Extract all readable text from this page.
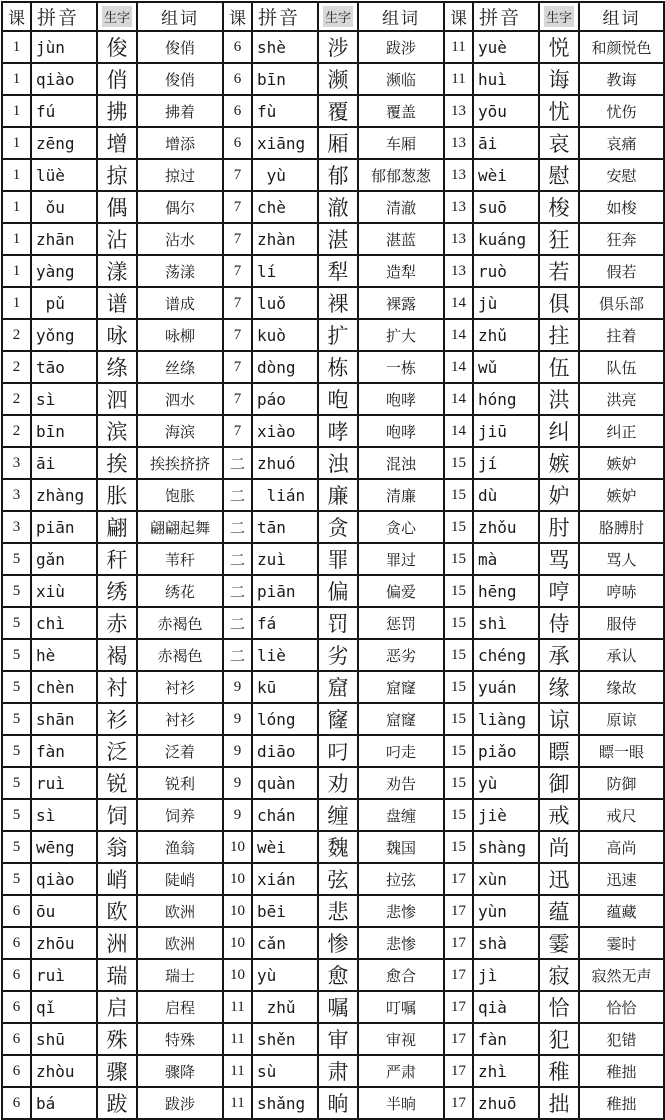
课	拼音	生字	组词	课	拼音	生字	组词	课	拼音	生字	组词
1	jùn	俊	俊俏	6	shè	涉	跋涉	11	yuè	悦	和颜悦色
1	qiào	俏	俊俏	6	bīn	濒	濒临	11	huì	诲	教诲
1	fú	拂	拂着	6	fù	覆	覆盖	13	yōu	忧	忧伤
1	zēng	增	增添	6	xiāng	厢	车厢	13	āi	哀	哀痛
1	lüè	掠	掠过	7	yù	郁	郁郁葱葱	13	wèi	慰	安慰
1	ǒu	偶	偶尔	7	chè	澈	清澈	13	suō	梭	如梭
1	zhān	沾	沾水	7	zhàn	湛	湛蓝	13	kuáng	狂	狂奔
1	yàng	漾	荡漾	7	lí	犁	造犁	13	ruò	若	假若
1	pǔ	谱	谱成	7	luǒ	裸	裸露	14	jù	俱	俱乐部
2	yǒng	咏	咏柳	7	kuò	扩	扩大	14	zhǔ	拄	拄着
2	tāo	绦	丝绦	7	dòng	栋	一栋	14	wǔ	伍	队伍
2	sì	泗	泗水	7	páo	咆	咆哮	14	hóng	洪	洪亮
2	bīn	滨	海滨	7	xiào	哮	咆哮	14	jiū	纠	纠正
3	āi	挨	挨挨挤挤	二	zhuó	浊	混浊	15	jí	嫉	嫉妒
3	zhàng	胀	饱胀	二	lián	廉	清廉	15	dù	妒	嫉妒
3	piān	翩	翩翩起舞	二	tān	贪	贪心	15	zhǒu	肘	胳膊肘
5	gǎn	秆	苇秆	二	zuì	罪	罪过	15	mà	骂	骂人
5	xiù	绣	绣花	二	piān	偏	偏爱	15	hēng	哼	哼哧
5	chì	赤	赤褐色	二	fá	罚	惩罚	15	shì	侍	服侍
5	hè	褐	赤褐色	二	liè	劣	恶劣	15	chéng	承	承认
5	chèn	衬	衬衫	9	kū	窟	窟窿	15	yuán	缘	缘故
5	shān	衫	衬衫	9	lóng	窿	窟窿	15	liàng	谅	原谅
5	fàn	泛	泛着	9	diāo	叼	叼走	15	piǎo	瞟	瞟一眼
5	ruì	锐	锐利	9	quàn	劝	劝告	15	yù	御	防御
5	sì	饲	饲养	9	chán	缠	盘缠	15	jiè	戒	戒尺
5	wēng	翁	渔翁	10	wèi	魏	魏国	15	shàng	尚	高尚
5	qiào	峭	陡峭	10	xián	弦	拉弦	17	xùn	迅	迅速
6	ōu	欧	欧洲	10	bēi	悲	悲惨	17	yùn	蕴	蕴藏
6	zhōu	洲	欧洲	10	cǎn	惨	悲惨	17	shà	霎	霎时
6	ruì	瑞	瑞士	10	yù	愈	愈合	17	jì	寂	寂然无声
6	qǐ	启	启程	11	zhǔ	嘱	叮嘱	17	qià	恰	恰恰
6	shū	殊	特殊	11	shěn	审	审视	17	fàn	犯	犯错
6	zhòu	骤	骤降	11	sù	肃	严肃	17	zhì	稚	稚拙
6	bá	跋	跋涉	11	shǎng	晌	半晌	17	zhuō	拙	稚拙
